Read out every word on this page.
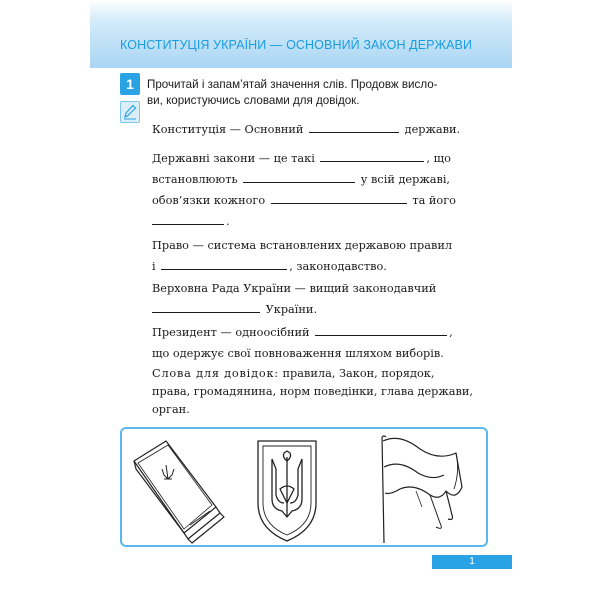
КОНСТИТУЦІЯ УКРАЇНИ — ОСНОВНИЙ ЗАКОН ДЕРЖАВИ
1	Прочитай і запам’ятай значення слів. Продовж висло-
ви, користуючись словами для довідок.
Конституція — Основний	держави.
Державні закони — це такі	, що
встановлюють	у всій державі,
обов’язки кожного	та його
.
Право — система встановлених державою правил
і	, законодавство.
Верховна Рада України — вищий законодавчий
України.
Президент — одноосібний	,
що одержує свої повноваження шляхом виборів.
Слова для довідок: правила, Закон, порядок,
права, громадянина, норм поведінки, глава держави,
орган.
1
